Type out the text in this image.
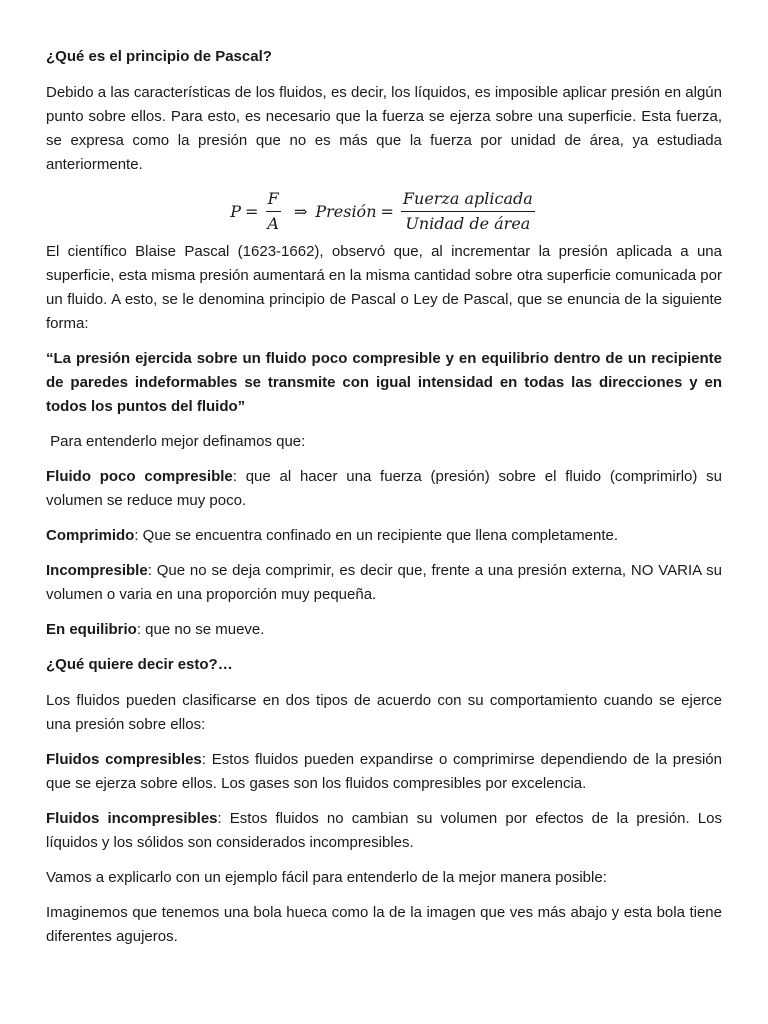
¿Qué es el principio de Pascal?

Debido a las características de los fluidos, es decir, los líquidos, es imposible aplicar presión en algún punto sobre ellos. Para esto, es necesario que la fuerza se ejerza sobre una superficie. Esta fuerza, se expresa como la presión que no es más que la fuerza por unidad de área, ya estudiada anteriormente.

$P = \frac{F}{A}$ ⇒ Presión = $\frac{\text{Fuerza aplicada}}{\text{Unidad de área}}$

El científico Blaise Pascal (1623-1662), observó que, al incrementar la presión aplicada a una superficie, esta misma presión aumentará en la misma cantidad sobre otra superficie comunicada por un fluido. A esto, se le denomina principio de Pascal o Ley de Pascal, que se enuncia de la siguiente forma:

“La presión ejercida sobre un fluido poco compresible y en equilibrio dentro de un recipiente de paredes indeformables se transmite con igual intensidad en todas las direcciones y en todos los puntos del fluido”

Para entenderlo mejor definamos que:

Fluido poco compresible: que al hacer una fuerza (presión) sobre el fluido (comprimirlo) su volumen se reduce muy poco.

Comprimido: Que se encuentra confinado en un recipiente que llena completamente.

Incompresible: Que no se deja comprimir, es decir que, frente a una presión externa, NO VARIA su volumen o varia en una proporción muy pequeña.

En equilibrio: que no se mueve.

¿Qué quiere decir esto?…

Los fluidos pueden clasificarse en dos tipos de acuerdo con su comportamiento cuando se ejerce una presión sobre ellos:

Fluidos compresibles: Estos fluidos pueden expandirse o comprimirse dependiendo de la presión que se ejerza sobre ellos. Los gases son los fluidos compresibles por excelencia.

Fluidos incompresibles: Estos fluidos no cambian su volumen por efectos de la presión. Los líquidos y los sólidos son considerados incompresibles.

Vamos a explicarlo con un ejemplo fácil para entenderlo de la mejor manera posible:

Imaginemos que tenemos una bola hueca como la de la imagen que ves más abajo y esta bola tiene diferentes agujeros.
